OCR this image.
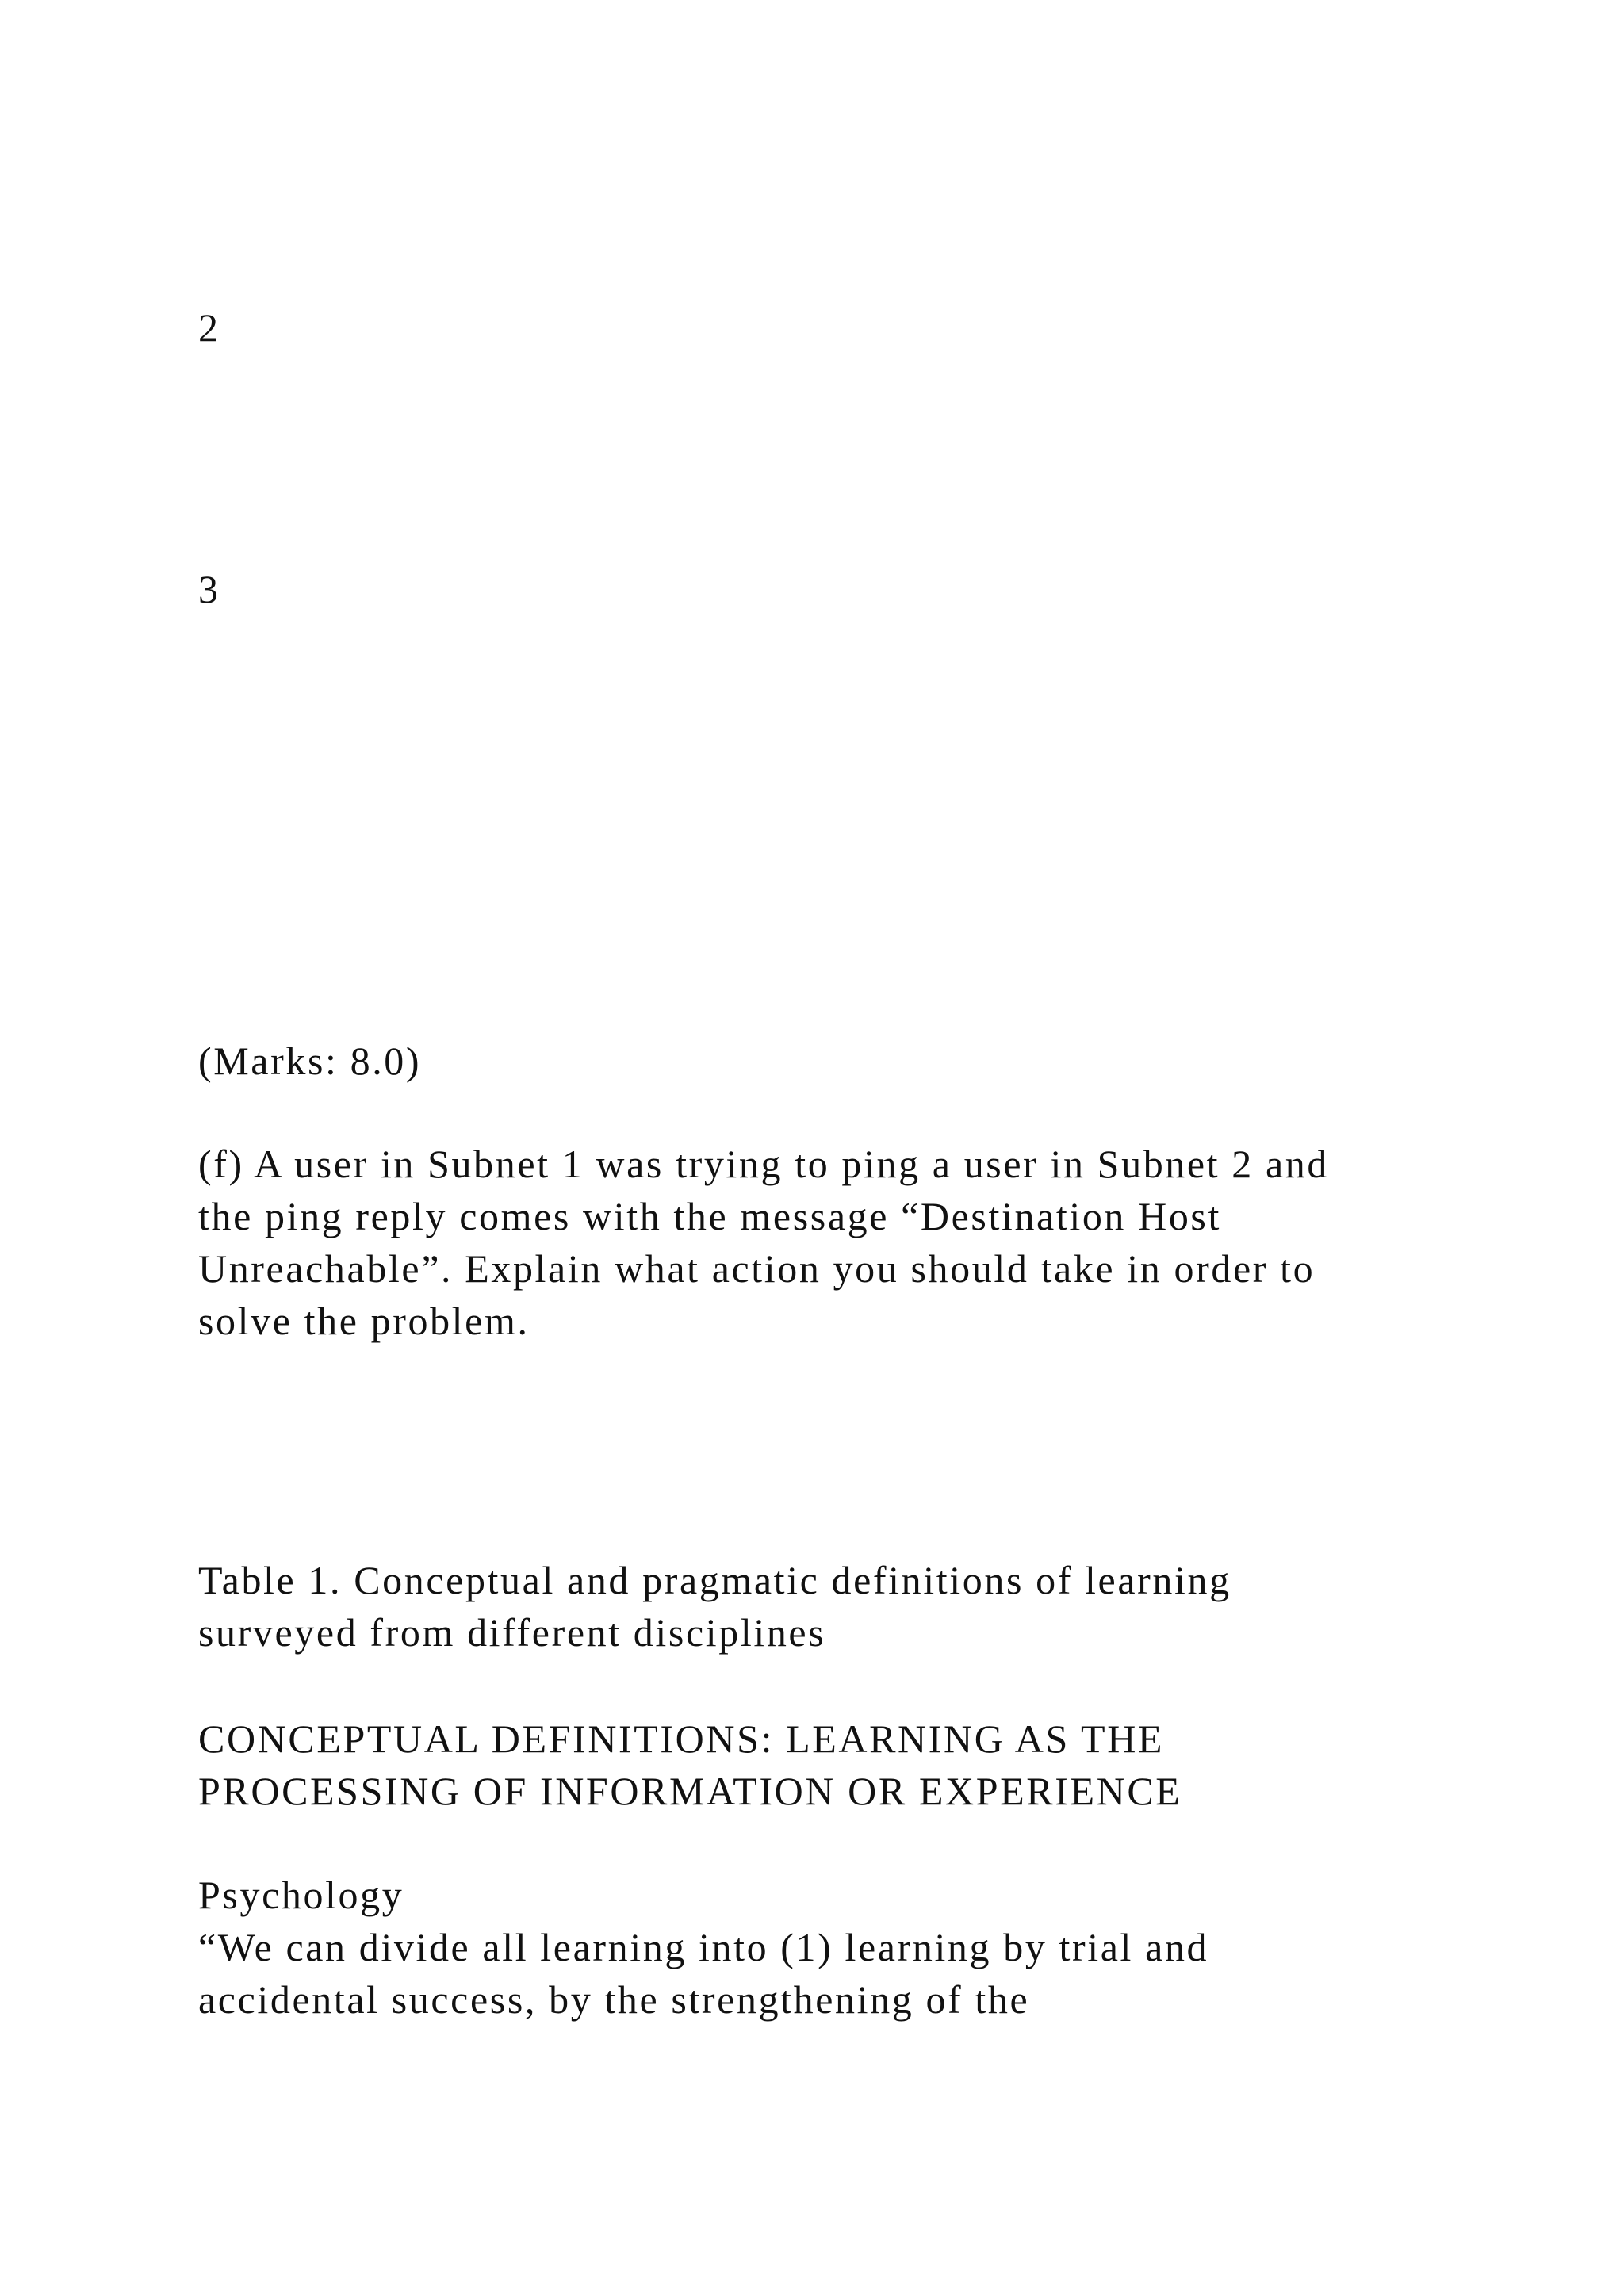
2

3

(Marks: 8.0)

(f) A user in Subnet 1 was trying to ping a user in Subnet 2 and
the ping reply comes with the message “Destination Host
Unreachable”. Explain what action you should take in order to
solve the problem.
Table 1. Conceptual and pragmatic definitions of learning
surveyed from different disciplines
CONCEPTUAL DEFINITIONS: LEARNING AS THE
PROCESSING OF INFORMATION OR EXPERIENCE

Psychology

“We can divide all learning into (1) learning by trial and
accidental success, by the strengthening of the
